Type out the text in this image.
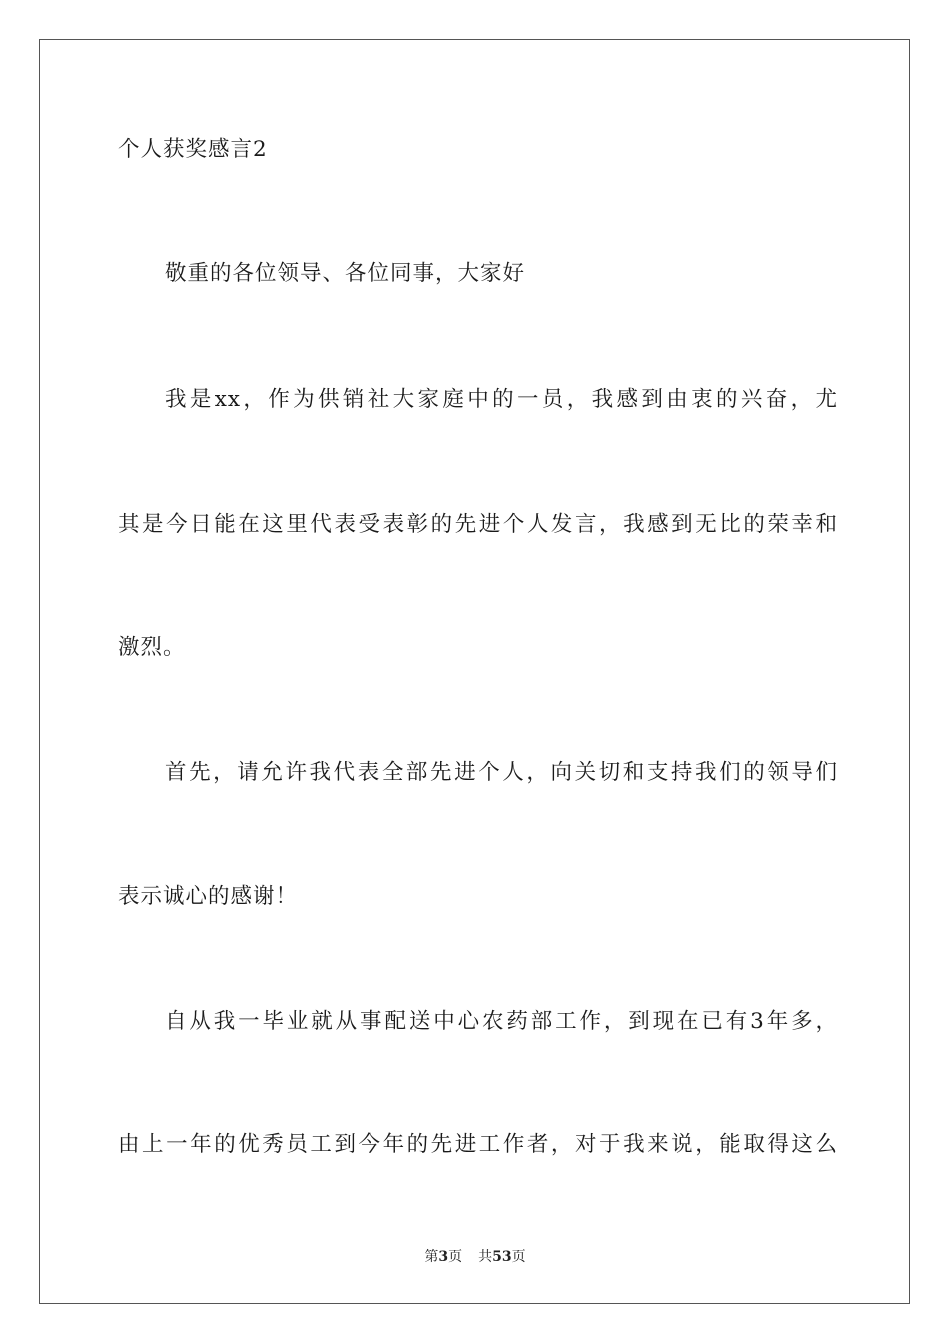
个人获奖感言2
敬重的各位领导、各位同事，大家好
我是xx，作为供销社大家庭中的一员，我感到由衷的兴奋，尤
其是今日能在这里代表受表彰的先进个人发言，我感到无比的荣幸和
激烈。
首先，请允许我代表全部先进个人，向关切和支持我们的领导们
表示诚心的感谢！
自从我一毕业就从事配送中心农药部工作，到现在已有3年多，
由上一年的优秀员工到今年的先进工作者，对于我来说，能取得这么
第3页 共53页
